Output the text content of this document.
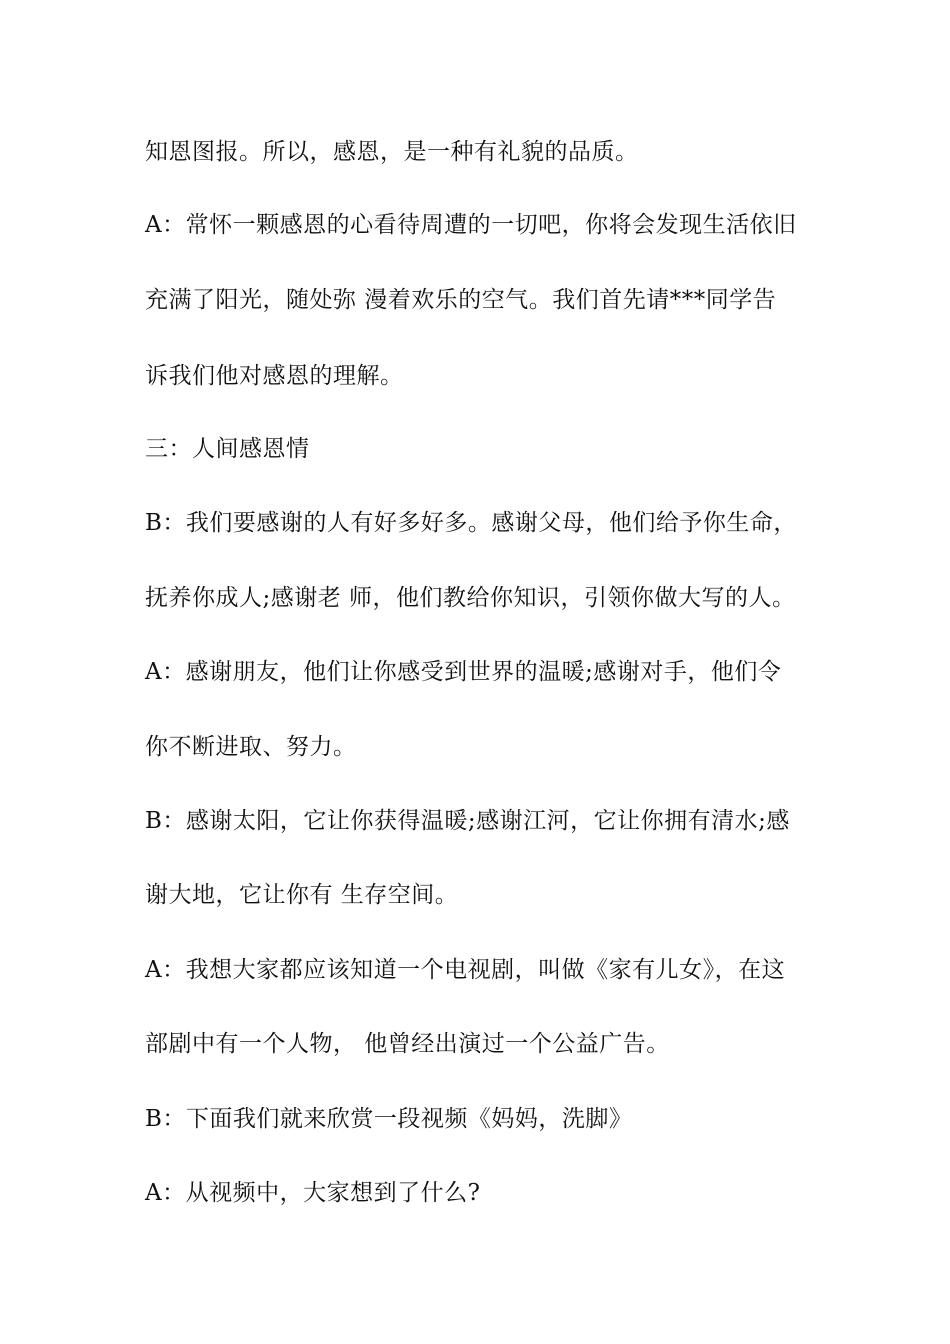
知恩图报。所以，感恩，是一种有礼貌的品质。
A：常怀一颗感恩的心看待周遭的一切吧，你将会发现生活依旧
充满了阳光，随处弥 漫着欢乐的空气。我们首先请***同学告
诉我们他对感恩的理解。
三：人间感恩情
B：我们要感谢的人有好多好多。感谢父母，他们给予你生命，
抚养你成人;感谢老 师，他们教给你知识，引领你做大写的人。
A：感谢朋友，他们让你感受到世界的温暖;感谢对手，他们令
你不断进取、努力。
B：感谢太阳，它让你获得温暖;感谢江河，它让你拥有清水;感
谢大地，它让你有 生存空间。
A：我想大家都应该知道一个电视剧，叫做《家有儿女》，在这
部剧中有一个人物， 他曾经出演过一个公益广告。
B：下面我们就来欣赏一段视频《妈妈，洗脚》
A：从视频中，大家想到了什么?
